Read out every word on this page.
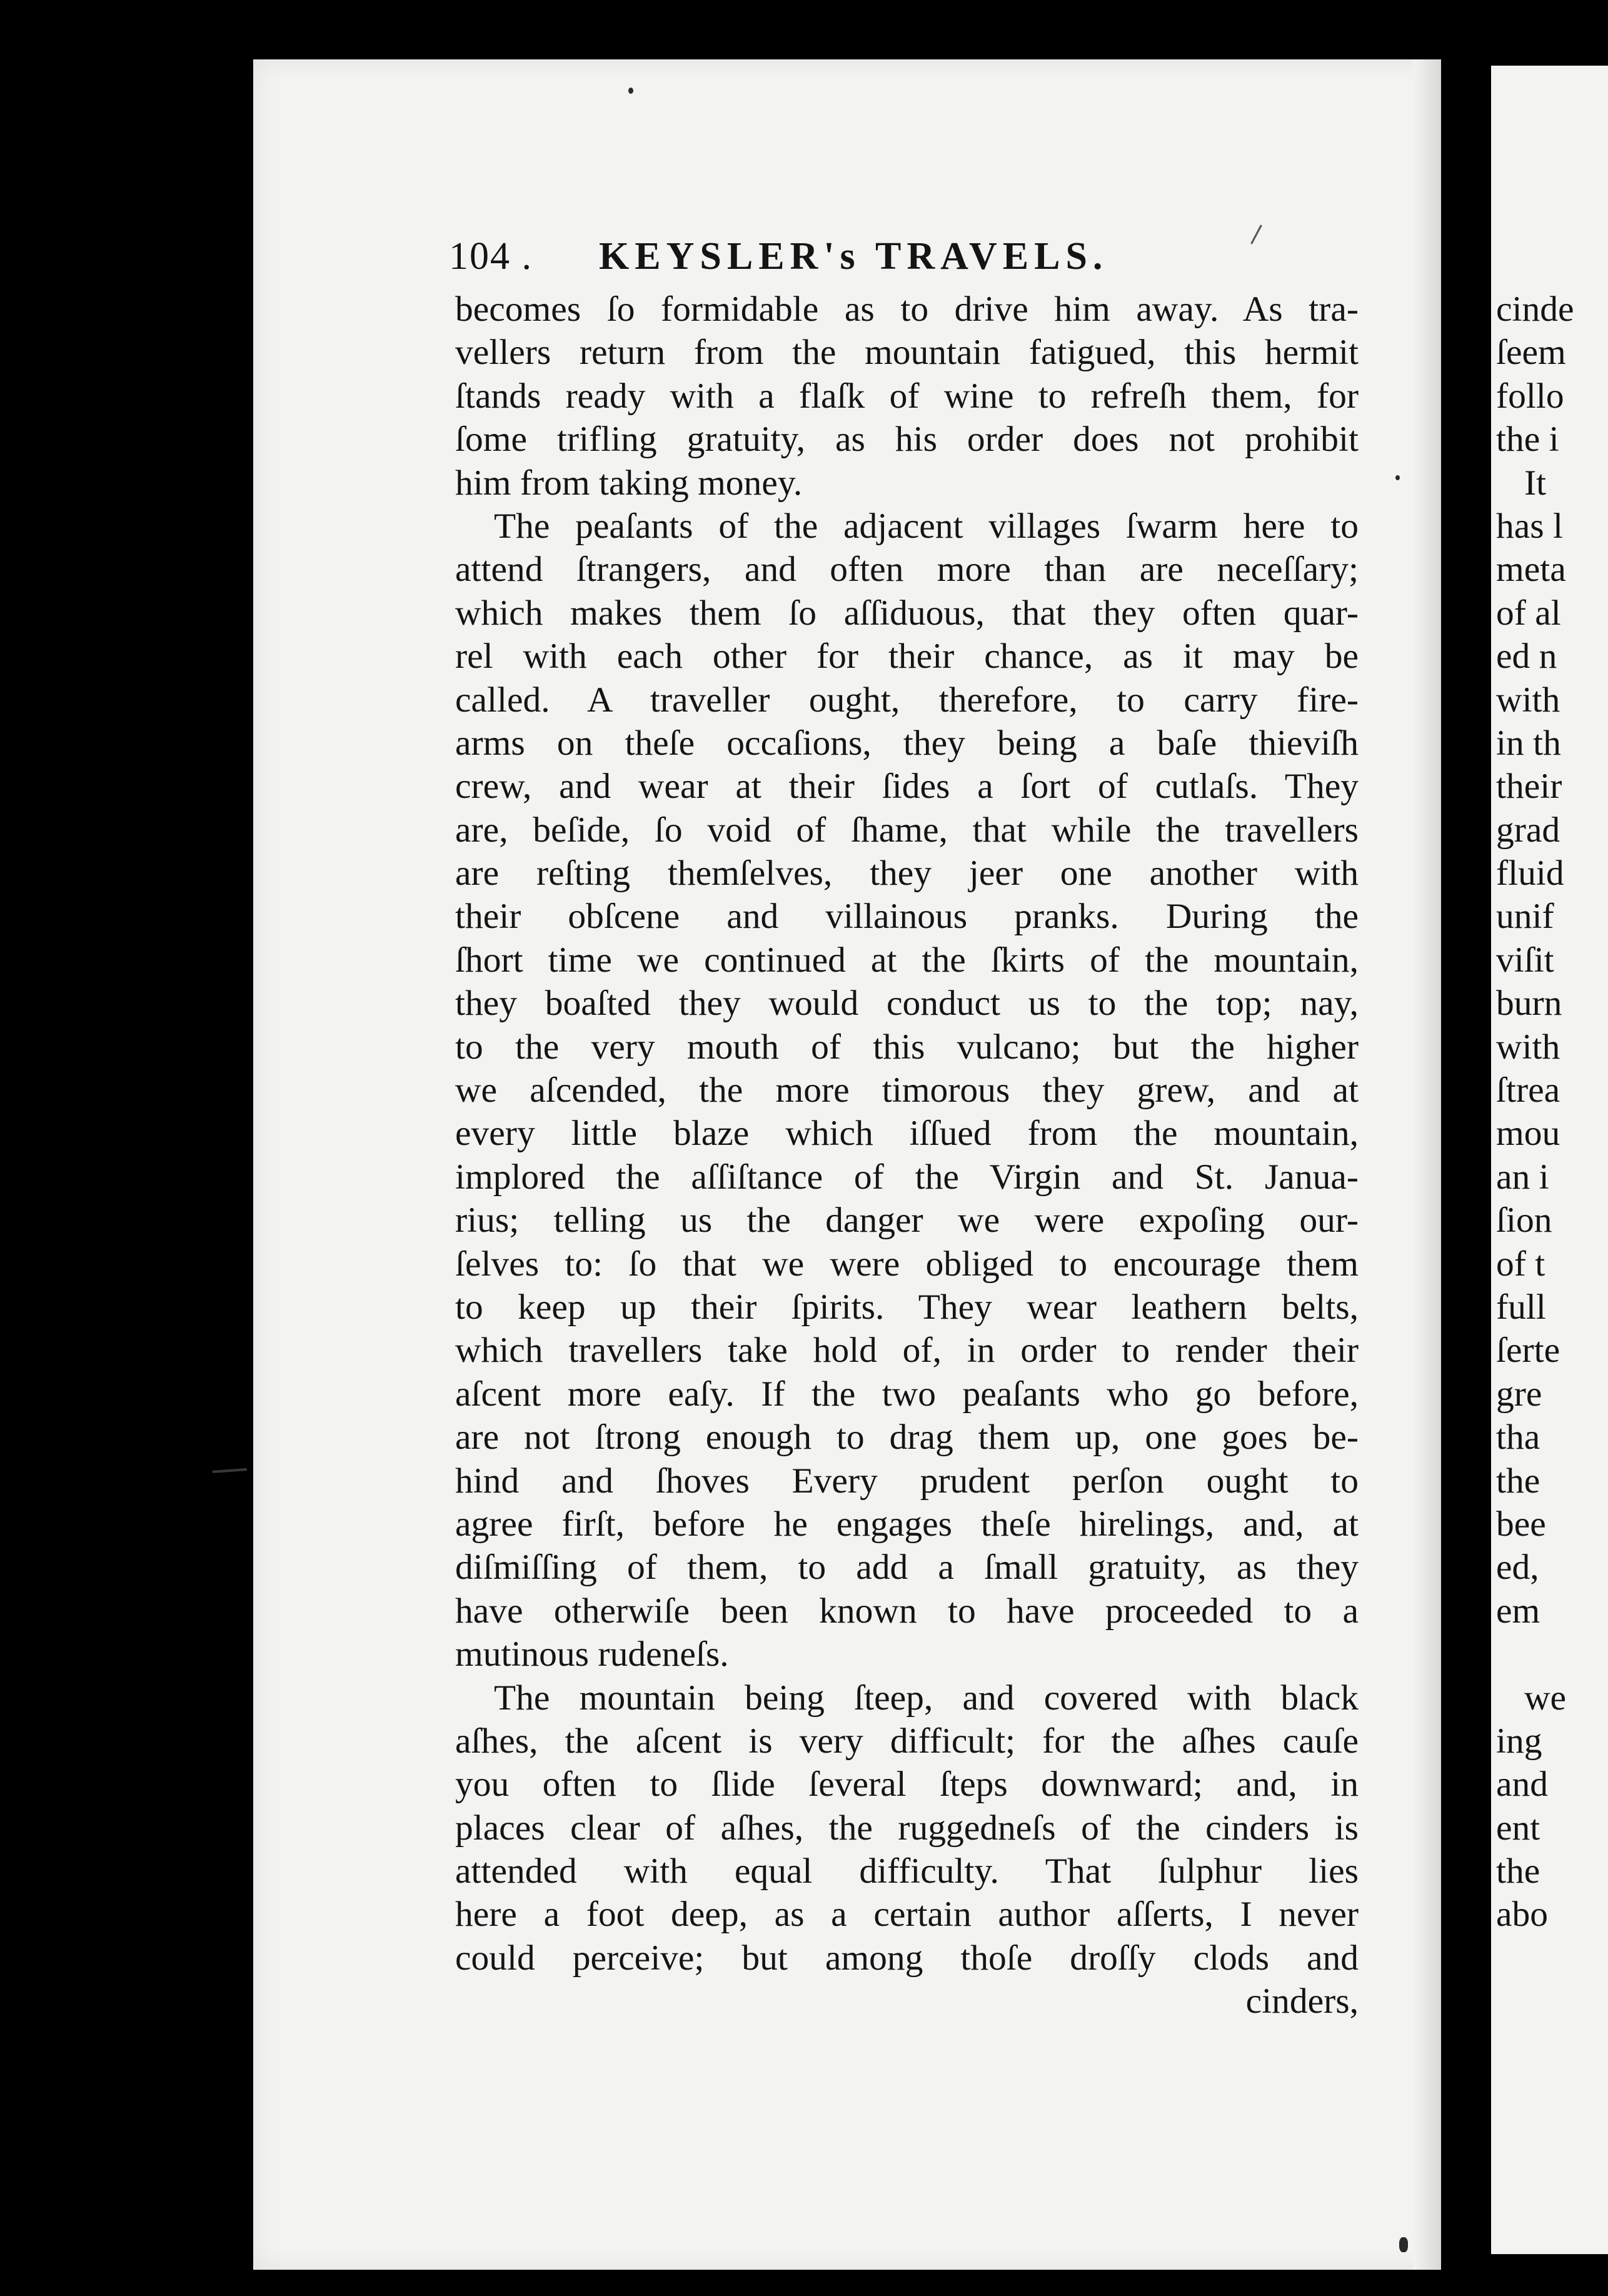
104 . KEYSLER's TRAVELS.
becomes ſo formidable as to drive him away. As tra-
vellers return from the mountain fatigued, this hermit
ſtands ready with a flaſk of wine to refreſh them, for
ſome trifling gratuity, as his order does not prohibit
him from taking money.
The peaſants of the adjacent villages ſwarm here to
attend ſtrangers, and often more than are neceſſary;
which makes them ſo aſſiduous, that they often quar-
rel with each other for their chance, as it may be
called. A traveller ought, therefore, to carry fire-
arms on theſe occaſions, they being a baſe thieviſh
crew, and wear at their ſides a ſort of cutlaſs. They
are, beſide, ſo void of ſhame, that while the travellers
are reſting themſelves, they jeer one another with
their obſcene and villainous pranks. During the
ſhort time we continued at the ſkirts of the mountain,
they boaſted they would conduct us to the top; nay,
to the very mouth of this vulcano; but the higher
we aſcended, the more timorous they grew, and at
every little blaze which iſſued from the mountain,
implored the aſſiſtance of the Virgin and St. Janua-
rius; telling us the danger we were expoſing our-
ſelves to: ſo that we were obliged to encourage them
to keep up their ſpirits. They wear leathern belts,
which travellers take hold of, in order to render their
aſcent more eaſy. If the two peaſants who go before,
are not ſtrong enough to drag them up, one goes be-
hind and ſhoves Every prudent perſon ought to
agree firſt, before he engages theſe hirelings, and, at
diſmiſſing of them, to add a ſmall gratuity, as they
have otherwiſe been known to have proceeded to a
mutinous rudeneſs.
The mountain being ſteep, and covered with black
aſhes, the aſcent is very difficult; for the aſhes cauſe
you often to ſlide ſeveral ſteps downward; and, in
places clear of aſhes, the ruggedneſs of the cinders is
attended with equal difficulty. That ſulphur lies
here a foot deep, as a certain author aſſerts, I never
could perceive; but among thoſe droſſy clods and
cinders,
cinde
ſeem
follo
the i
It
has l
meta
of al
ed n
with
in th
their
grad
fluid
unif
viſit
burn
with
ſtrea
mou
an i
ſion
of t
full
ſerte
gre
tha
the
bee
ed,
em
we
ing
and
ent
the
abo
